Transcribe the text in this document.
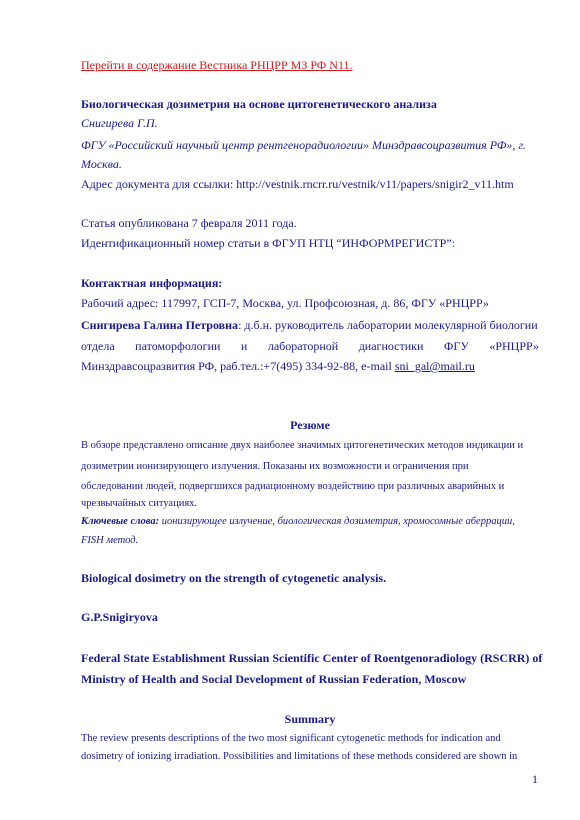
Перейти в содержание Вестника РНЦРР МЗ РФ N11.
Биологическая дозиметрия на основе цитогенетического анализа
Снигирева Г.П.
ФГУ «Российский научный центр рентгенорадиологии» Минздравсоцразвития РФ», г.
Москва.
Адрес документа для ссылки: http://vestnik.rncrr.ru/vestnik/v11/papers/snigir2_v11.htm
Статья опубликована 7 февраля 2011 года.
Идентификационный номер статьи в ФГУП НТЦ “ИНФОРМРЕГИСТР”:
Контактная информация:
Рабочий адрес: 117997, ГСП-7, Москва, ул. Профсоюзная, д. 86, ФГУ «РНЦРР»
Снигирева Галина Петровна: д.б.н. руководитель лаборатории молекулярной биологии
отдела патоморфологии и лабораторной диагностики ФГУ «РНЦРР»
Минздравсоцразвития РФ, раб.тел.:+7(495) 334-92-88, e-mail sni_gal@mail.ru
Резюме
В обзоре представлено описание двух наиболее значимых цитогенетических методов индикации и
дозиметрии ионизирующего излучения. Показаны их возможности и ограничения при
обследовании людей, подвергшихся радиационному воздействию при различных аварийных и
чрезвычайных ситуациях.
Ключевые слова: ионизирующее излучение, биологическая дозиметрия, хромосомные аберрации,
FISH метод.
Biological dosimetry on the strength of cytogenetic analysis.
G.P.Snigiryova
Federal State Establishment Russian Scientific Center of Roentgenoradiology (RSCRR) of
Ministry of Health and Social Development of Russian Federation, Moscow
Summary
The review presents descriptions of the two most significant cytogenetic methods for indication and
dosimetry of ionizing irradiation. Possibilities and limitations of these methods considered are shown in
1
